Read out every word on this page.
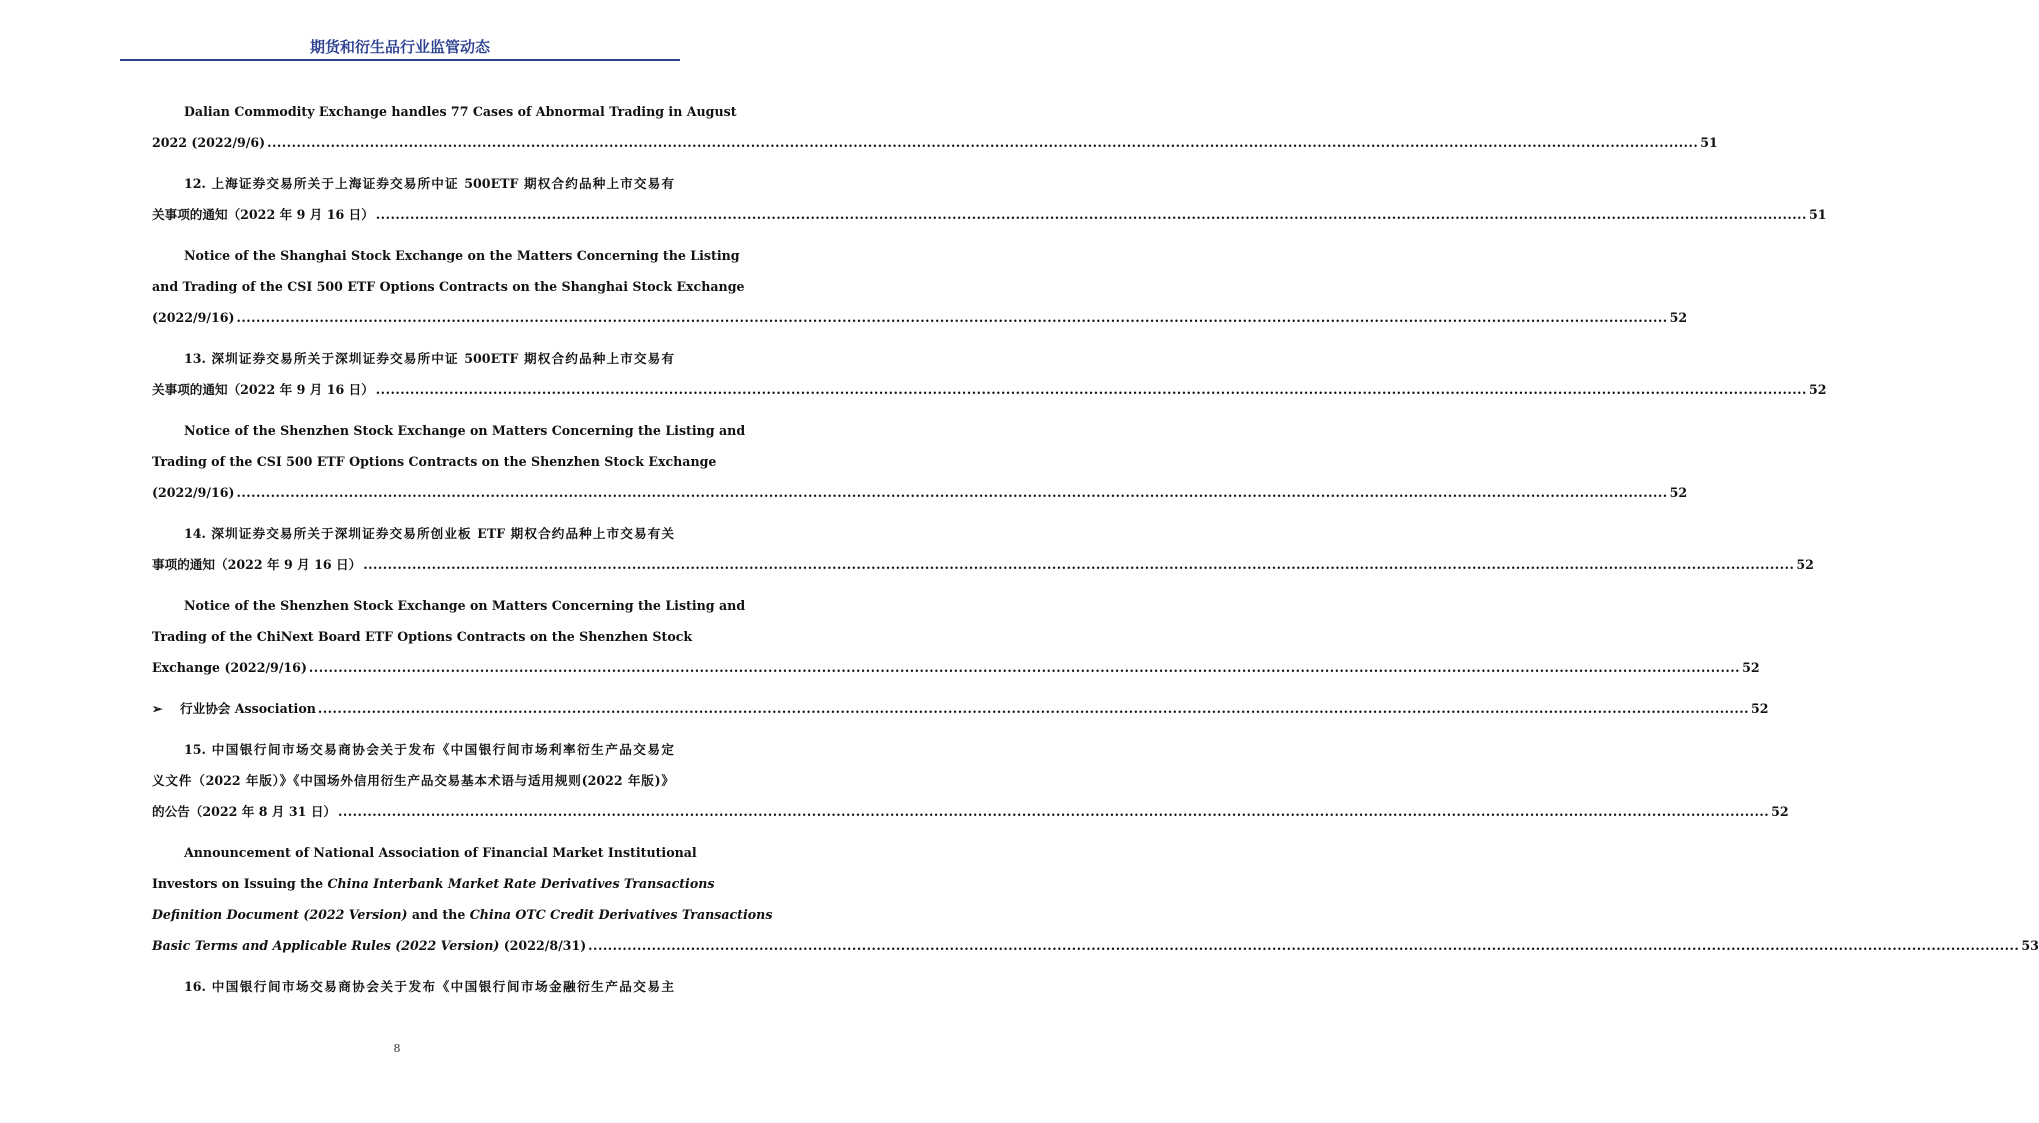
期货和衍生品行业监管动态
Dalian Commodity Exchange handles 77 Cases of Abnormal Trading in August
2022 (2022/9/6) .....	51
12. 上海证券交易所关于上海证券交易所中证 500ETF 期权合约品种上市交易有
关事项的通知（2022 年 9 月 16 日） .....	51
Notice of the Shanghai Stock Exchange on the Matters Concerning the Listing
and Trading of the CSI 500 ETF Options Contracts on the Shanghai Stock Exchange
(2022/9/16) .....	52
13. 深圳证券交易所关于深圳证券交易所中证 500ETF 期权合约品种上市交易有
关事项的通知（2022 年 9 月 16 日） .....	52
Notice of the Shenzhen Stock Exchange on Matters Concerning the Listing and
Trading of the CSI 500 ETF Options Contracts on the Shenzhen Stock Exchange
(2022/9/16) .....	52
14. 深圳证券交易所关于深圳证券交易所创业板 ETF 期权合约品种上市交易有关
事项的通知（2022 年 9 月 16 日） .....	52
Notice of the Shenzhen Stock Exchange on Matters Concerning the Listing and
Trading of the ChiNext Board ETF Options Contracts on the Shenzhen Stock
Exchange (2022/9/16) .....	52
➢ 行业协会 Association .....	52
15. 中国银行间市场交易商协会关于发布《中国银行间市场利率衍生产品交易定
义文件（2022 年版）》《中国场外信用衍生产品交易基本术语与适用规则(2022 年版)》
的公告（2022 年 8 月 31 日） .....	52
Announcement of National Association of Financial Market Institutional
Investors on Issuing the China Interbank Market Rate Derivatives Transactions
Definition Document (2022 Version) and the China OTC Credit Derivatives Transactions
Basic Terms and Applicable Rules (2022 Version) (2022/8/31) .....	53
16. 中国银行间市场交易商协会关于发布《中国银行间市场金融衍生产品交易主
8
